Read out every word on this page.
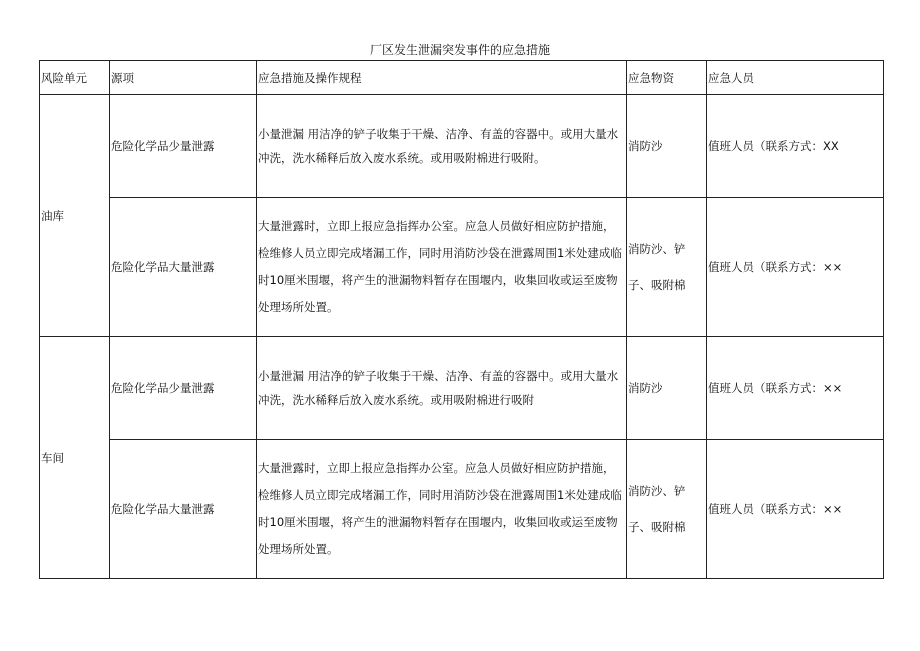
厂区发生泄漏突发事件的应急措施
风险单元	源项	应急措施及操作规程	应急物资	应急人员
油库	危险化学品少量泄露	小量泄漏 用洁净的铲子收集于干燥、洁净、有盖的容器中。或用大量水冲洗，洗水稀释后放入废水系统。或用吸附棉进行吸附。	消防沙	值班人员（联系方式：XX
	危险化学品大量泄露	大量泄露时，立即上报应急指挥办公室。应急人员做好相应防护措施，检维修人员立即完成堵漏工作，同时用消防沙袋在泄露周围1米处建成临时10厘米围堰，将产生的泄漏物料暂存在围堰内，收集回收或运至废物处理场所处置。	消防沙、铲子、吸附棉	值班人员（联系方式：××
车间	危险化学品少量泄露	小量泄漏 用洁净的铲子收集于干燥、洁净、有盖的容器中。或用大量水冲洗，洗水稀释后放入废水系统。或用吸附棉进行吸附	消防沙	值班人员（联系方式：××
	危险化学品大量泄露	大量泄露时，立即上报应急指挥办公室。应急人员做好相应防护措施，检维修人员立即完成堵漏工作，同时用消防沙袋在泄露周围1米处建成临时10厘米围堰，将产生的泄漏物料暂存在围堰内，收集回收或运至废物处理场所处置。	消防沙、铲子、吸附棉	值班人员（联系方式：××
